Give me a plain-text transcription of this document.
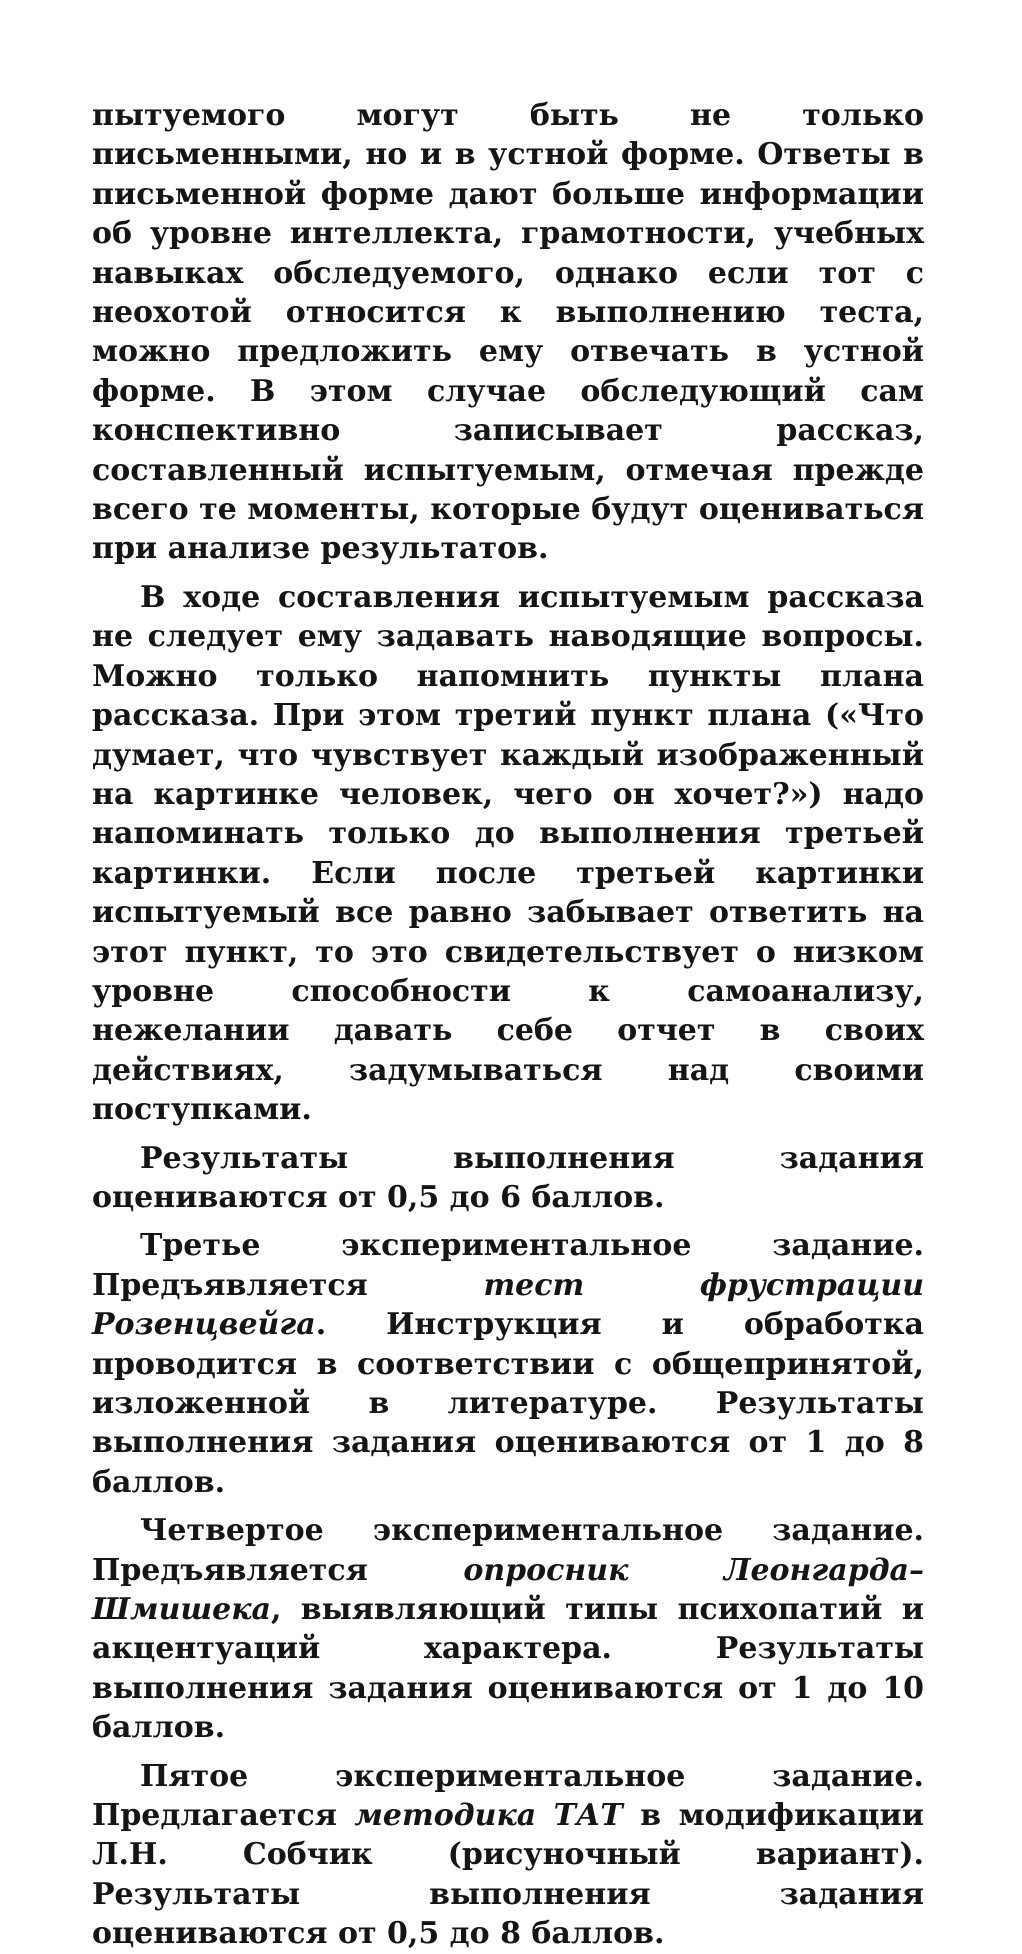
пытуемого могут быть не только письменными, но и в устной форме. Ответы в письменной форме дают больше информации об уровне интеллекта, грамотности, учебных навыках обследуемого, однако если тот с неохотой относится к выполнению теста, можно предложить ему отвечать в устной форме. В этом случае обследующий сам конспективно записывает рассказ, составленный испытуемым, отмечая прежде всего те моменты, которые будут оцениваться при анализе результатов.

В ходе составления испытуемым рассказа не следует ему задавать наводящие вопросы. Можно только напомнить пункты плана рассказа. При этом третий пункт плана («Что думает, что чувствует каждый изображенный на картинке человек, чего он хочет?») надо напоминать только до выполнения третьей картинки. Если после третьей картинки испытуемый все равно забывает ответить на этот пункт, то это свидетельствует о низком уровне способности к самоанализу, нежелании давать себе отчет в своих действиях, задумываться над своими поступками.

Результаты выполнения задания оцениваются от 0,5 до 6 баллов.

Третье экспериментальное задание. Предъявляется тест фрустрации Розенцвейга. Инструкция и обработка проводится в соответствии с общепринятой, изложенной в литературе. Результаты выполнения задания оцениваются от 1 до 8 баллов.

Четвертое экспериментальное задание. Предъявляется опросник Леонгарда–Шмишека, выявляющий типы психопатий и акцентуаций характера. Результаты выполнения задания оцениваются от 1 до 10 баллов.

Пятое экспериментальное задание. Предлагается методика ТАТ в модификации Л.Н. Собчик (рисуночный вариант). Результаты выполнения задания оцениваются от 0,5 до 8 баллов.
